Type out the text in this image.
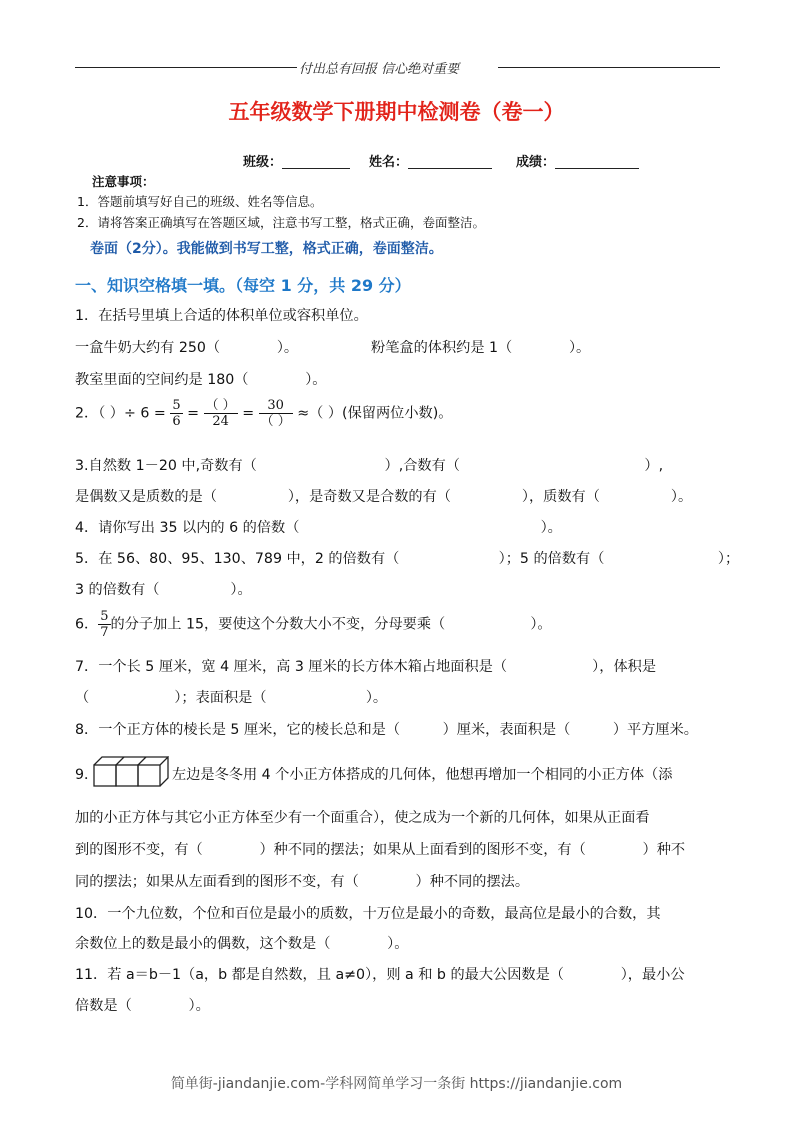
付出总有回报 信心绝对重要
五年级数学下册期中检测卷（卷一）
班级：	姓名：	成绩：
注意事项：
1．答题前填写好自己的班级、姓名等信息。
2．请将答案正确填写在答题区域，注意书写工整，格式正确，卷面整洁。
卷面（2分）。我能做到书写工整，格式正确，卷面整洁。
一、知识空格填一填。（每空 1 分，共 29 分）
1．在括号里填上合适的体积单位或容积单位。
一盒牛奶大约有 250（　　　　）。	粉笔盒的体积约是 1（　　　　）。
教室里面的空间约是 180（　　　　）。
2．（ ）÷ $6 = \frac{5}{6} = \frac{( )}{24} = \frac{30}{( )}$ ≈（ ）(保留两位小数)。
3.自然数 1－20 中,奇数有（　　　　　　　　　）,合数有（　　　　　　　　　　　　　）,
是偶数又是质数的是（　　　　　），是奇数又是合数的有（　　　　　），质数有（　　　　　）。
4．请你写出 35 以内的 6 的倍数（　　　　　　　　　　　　　　　　　）。
5．在 56、80、95、130、789 中，2 的倍数有（　　　　　　　）；5 的倍数有（　　　　　　　　）；
3 的倍数有（　　　　　）。
6． $\frac{5}{7}$ 的分子加上 15，要使这个分数大小不变，分母要乘（　　　　　　）。
7．一个长 5 厘米，宽 4 厘米，高 3 厘米的长方体木箱占地面积是（　　　　　　），体积是
（　　　　　　）；表面积是（　　　　　　　）。
8．一个正方体的棱长是 5 厘米，它的棱长总和是（　　　）厘米，表面积是（　　　）平方厘米。
9．	左边是冬冬用 4 个小正方体搭成的几何体，他想再增加一个相同的小正方体（添
加的小正方体与其它小正方体至少有一个面重合），使之成为一个新的几何体，如果从正面看
到的图形不变，有（　　　　）种不同的摆法；如果从上面看到的图形不变，有（　　　　）种不
同的摆法；如果从左面看到的图形不变，有（　　　　）种不同的摆法。
10．一个九位数，个位和百位是最小的质数，十万位是最小的奇数，最高位是最小的合数，其
余数位上的数是最小的偶数，这个数是（　　　　）。
11．若 a＝b－1（a，b 都是自然数，且 a≠0），则 a 和 b 的最大公因数是（　　　　），最小公
倍数是（　　　　）。
简单街-jiandanjie.com-学科网简单学习一条街 https://jiandanjie.com
